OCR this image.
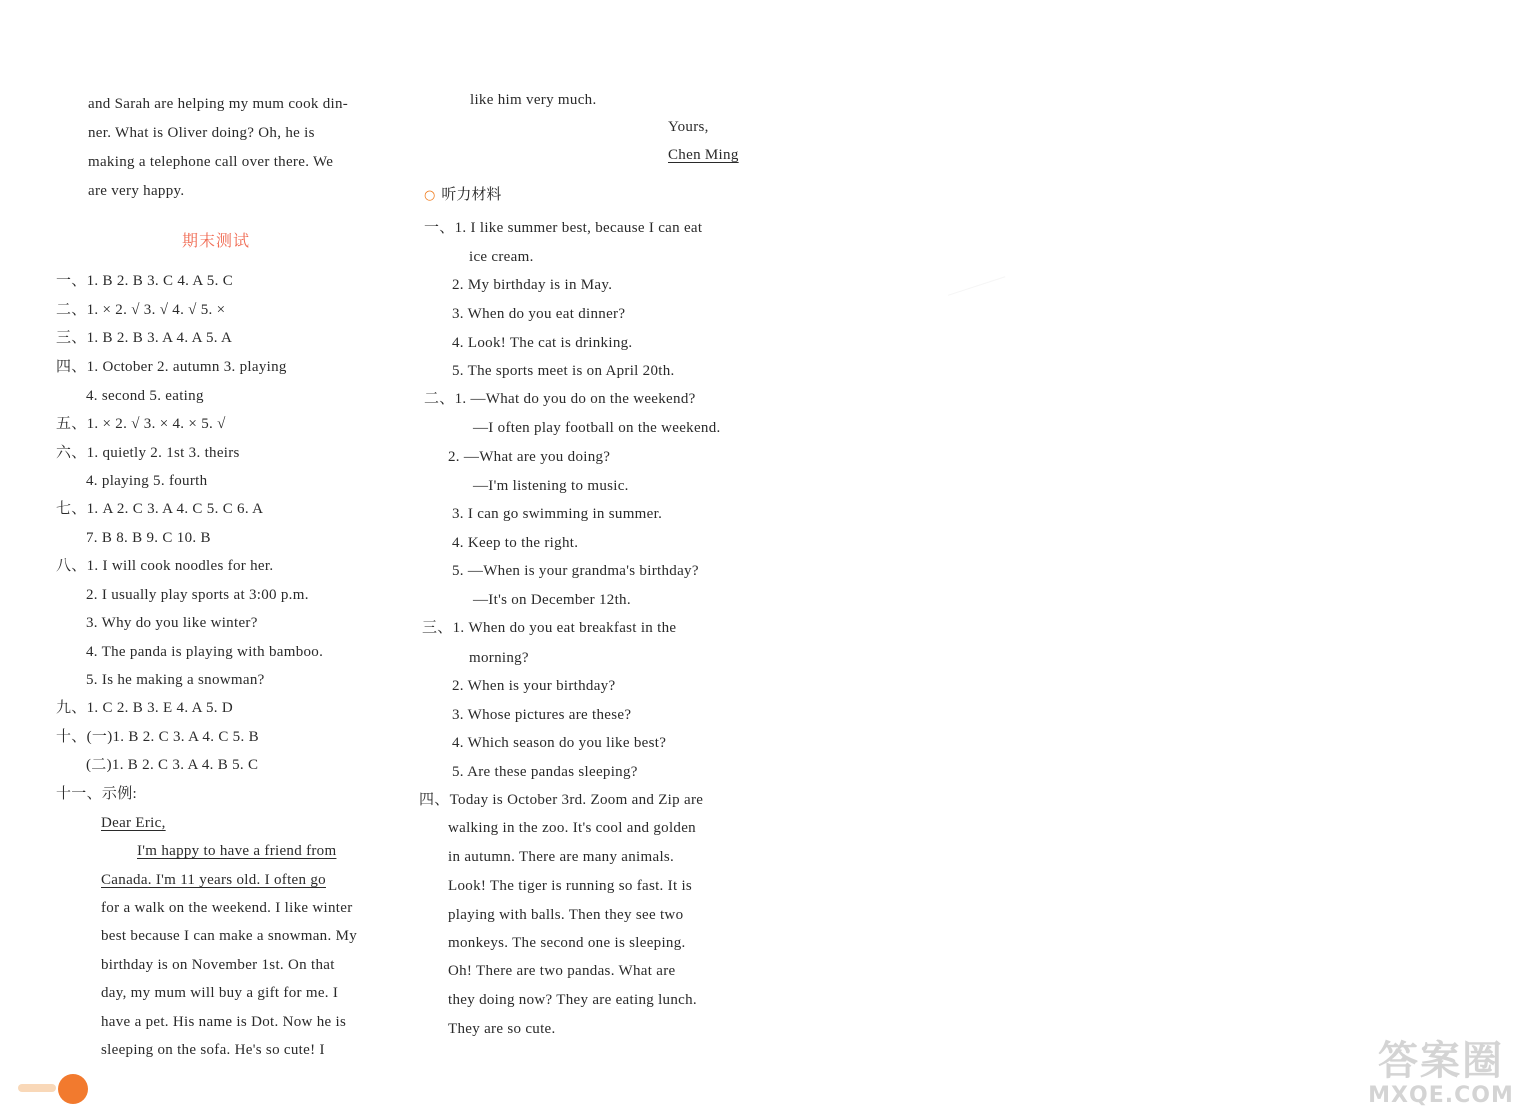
and Sarah are helping my mum cook din-
ner. What is Oliver doing? Oh, he is
making a telephone call over there. We
are very happy.
期末测试
一、1. B 2. B 3. C 4. A 5. C
二、1. × 2. √ 3. √ 4. √ 5. ×
三、1. B 2. B 3. A 4. A 5. A
四、1. October 2. autumn 3. playing
4. second 5. eating
五、1. × 2. √ 3. × 4. × 5. √
六、1. quietly 2. 1st 3. theirs
4. playing 5. fourth
七、1. A 2. C 3. A 4. C 5. C 6. A
7. B 8. B 9. C 10. B
八、1. I will cook noodles for her.
2. I usually play sports at 3:00 p.m.
3. Why do you like winter?
4. The panda is playing with bamboo.
5. Is he making a snowman?
九、1. C 2. B 3. E 4. A 5. D
十、(一)1. B 2. C 3. A 4. C 5. B
(二)1. B 2. C 3. A 4. B 5. C
十一、示例:
Dear Eric,
I'm happy to have a friend from
Canada. I'm 11 years old. I often go
for a walk on the weekend. I like winter
best because I can make a snowman. My
birthday is on November 1st. On that
day, my mum will buy a gift for me. I
have a pet. His name is Dot. Now he is
sleeping on the sofa. He's so cute! I
like him very much.
Yours,
Chen Ming
○ 听力材料
一、1. I like summer best, because I can eat
ice cream.
2. My birthday is in May.
3. When do you eat dinner?
4. Look! The cat is drinking.
5. The sports meet is on April 20th.
二、1. —What do you do on the weekend?
—I often play football on the weekend.
2. —What are you doing?
—I'm listening to music.
3. I can go swimming in summer.
4. Keep to the right.
5. —When is your grandma's birthday?
—It's on December 12th.
三、1. When do you eat breakfast in the
morning?
2. When is your birthday?
3. Whose pictures are these?
4. Which season do you like best?
5. Are these pandas sleeping?
四、Today is October 3rd. Zoom and Zip are
walking in the zoo. It's cool and golden
in autumn. There are many animals.
Look! The tiger is running so fast. It is
playing with balls. Then they see two
monkeys. The second one is sleeping.
Oh! There are two pandas. What are
they doing now? They are eating lunch.
They are so cute.
答案圈
MXQE.COM
